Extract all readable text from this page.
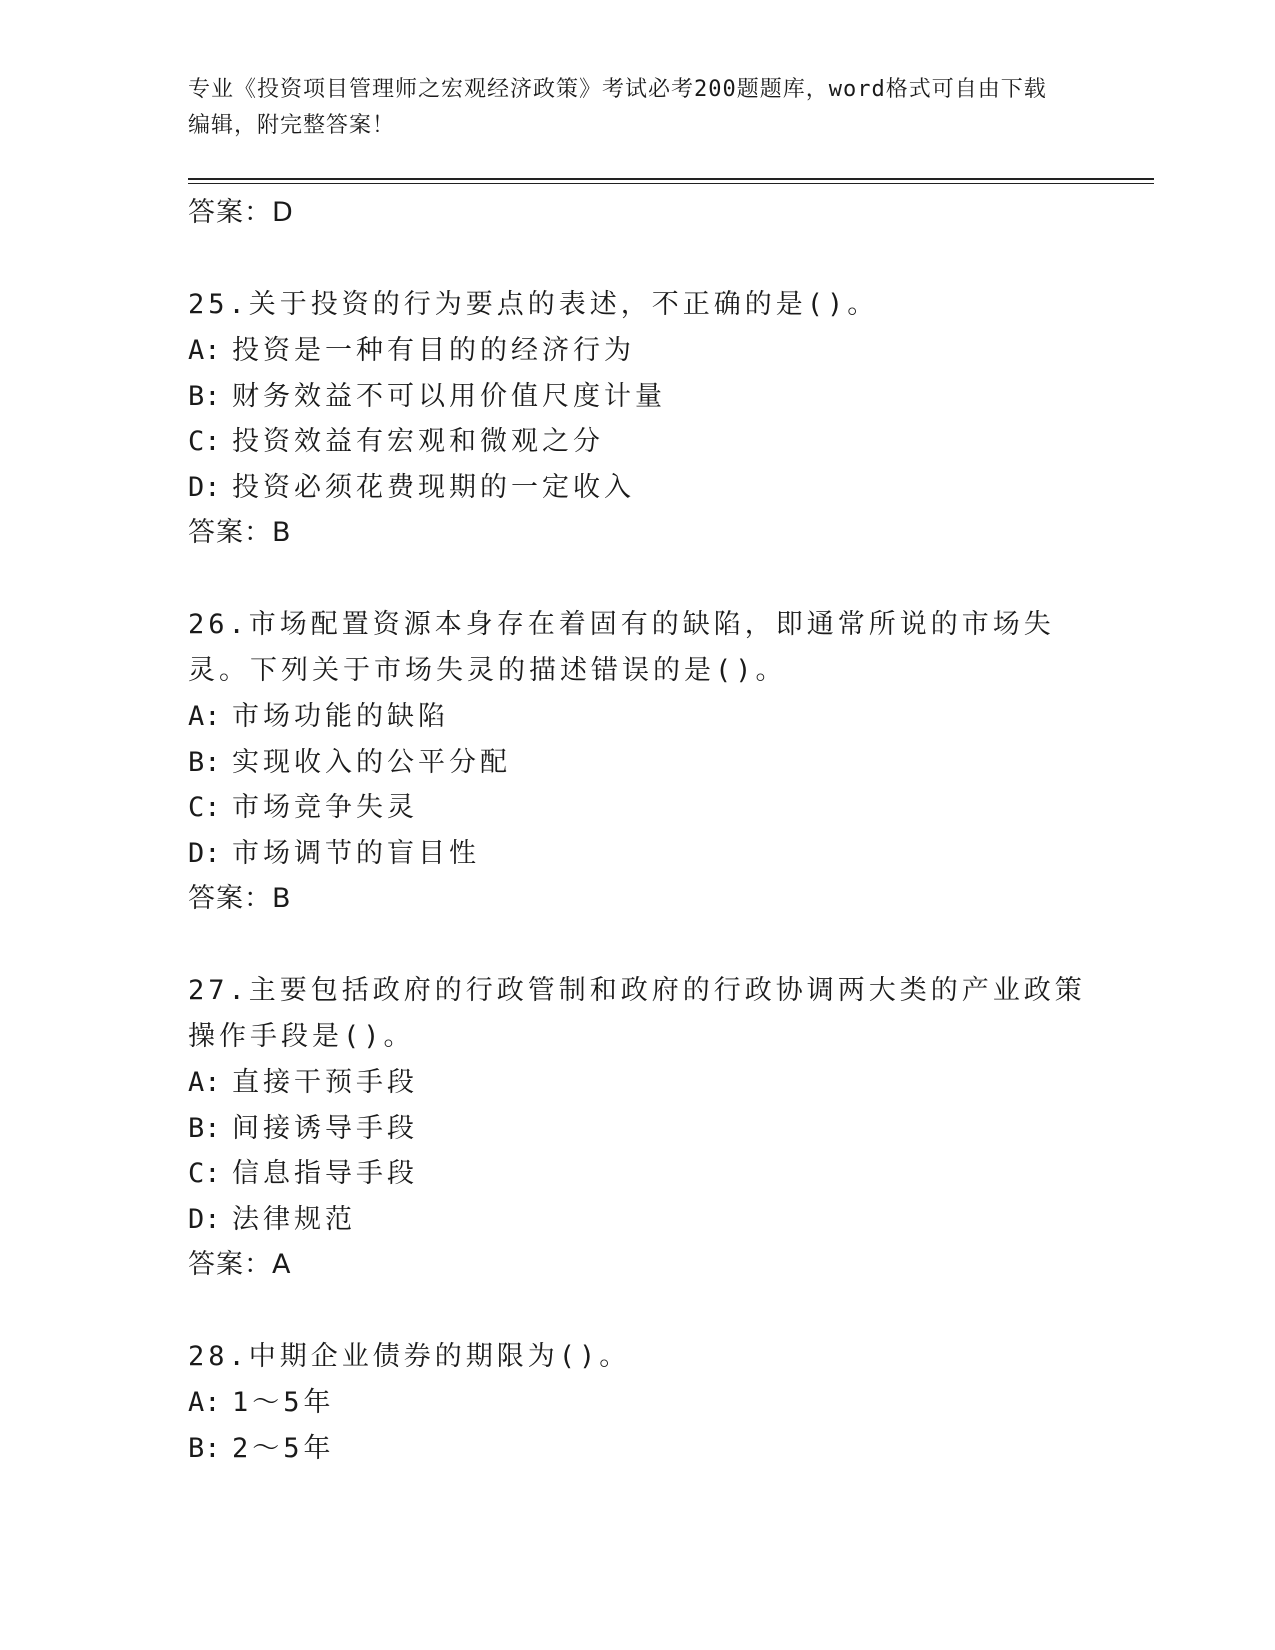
专业《投资项目管理师之宏观经济政策》考试必考200题题库，word格式可自由下载编辑，附完整答案！
答案：D
25.关于投资的行为要点的表述，不正确的是()。
A: 投资是一种有目的的经济行为
B: 财务效益不可以用价值尺度计量
C: 投资效益有宏观和微观之分
D: 投资必须花费现期的一定收入
答案：B
26.市场配置资源本身存在着固有的缺陷，即通常所说的市场失灵。下列关于市场失灵的描述错误的是()。
A: 市场功能的缺陷
B: 实现收入的公平分配
C: 市场竞争失灵
D: 市场调节的盲目性
答案：B
27.主要包括政府的行政管制和政府的行政协调两大类的产业政策操作手段是()。
A: 直接干预手段
B: 间接诱导手段
C: 信息指导手段
D: 法律规范
答案：A
28.中期企业债券的期限为()。
A: 1～5年
B: 2～5年
